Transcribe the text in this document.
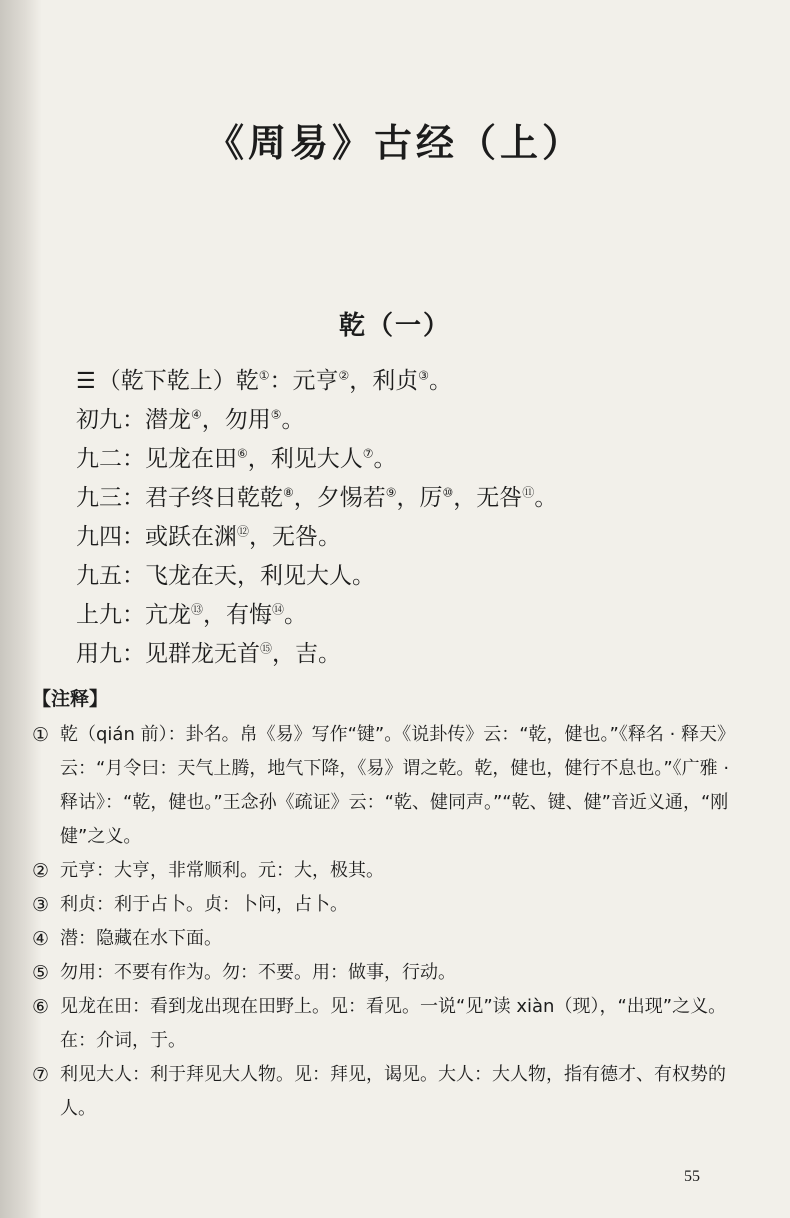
《周易》古经（上）
乾（一）
☰（乾下乾上）乾①：元亨②，利贞③。
初九：潜龙④，勿用⑤。
九二：见龙在田⑥，利见大人⑦。
九三：君子终日乾乾⑧，夕惕若⑨，厉⑩，无咎⑪。
九四：或跃在渊⑫，无咎。
九五：飞龙在天，利见大人。
上九：亢龙⑬，有悔⑭。
用九：见群龙无首⑮，吉。
【注释】
① 乾（qián 前）：卦名。帛《易》写作“键”。《说卦传》云：“乾，健也。”《释名 · 释天》云：“月令曰：天气上腾，地气下降，《易》谓之乾。乾，健也，健行不息也。”《广雅 · 释诂》：“乾，健也。”王念孙《疏证》云：“乾、健同声。”“乾、键、健”音近义通，“刚健”之义。
② 元亨：大亨，非常顺利。元：大，极其。
③ 利贞：利于占卜。贞：卜问，占卜。
④ 潜：隐藏在水下面。
⑤ 勿用：不要有作为。勿：不要。用：做事，行动。
⑥ 见龙在田：看到龙出现在田野上。见：看见。一说“见”读 xiàn（现），“出现”之义。在：介词，于。
⑦ 利见大人：利于拜见大人物。见：拜见，谒见。大人：大人物，指有德才、有权势的人。
55
